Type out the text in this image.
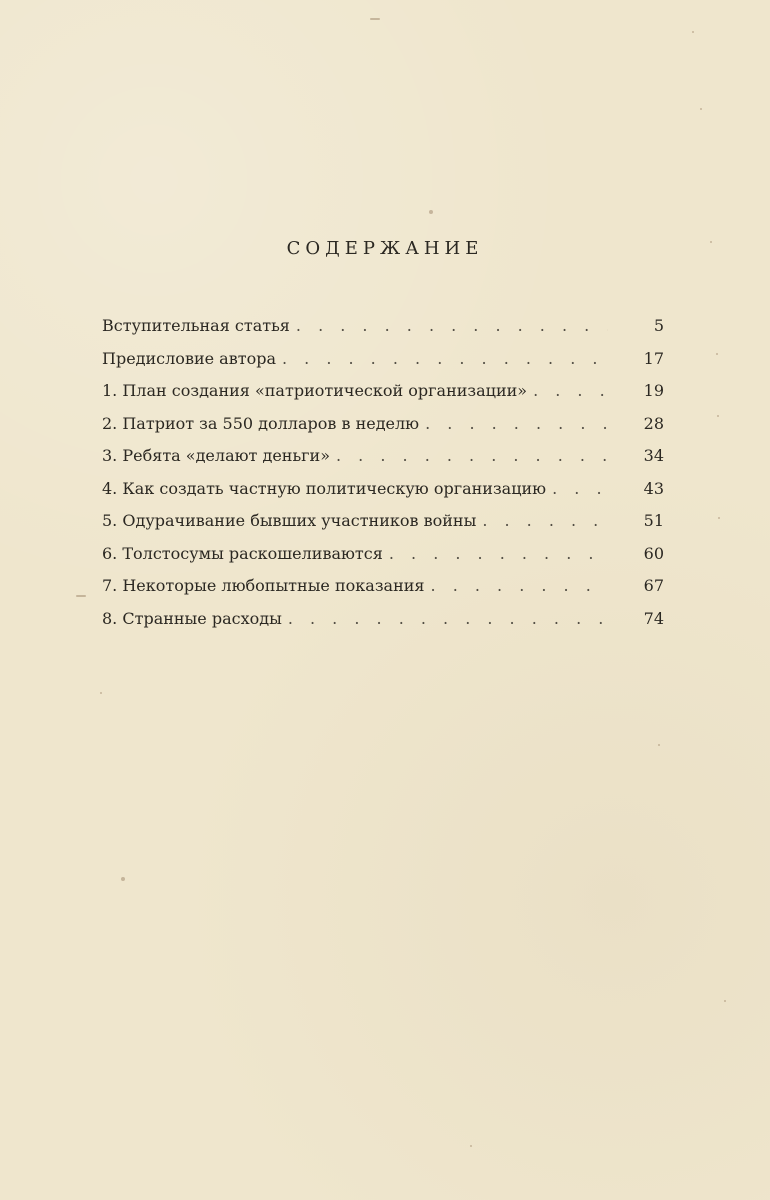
СОДЕРЖАНИЕ
Вступительная статья . . .	5
Предисловие автора . . .	17
1. План создания «патриотической организации» . . .	19
2. Патриот за 550 долларов в неделю . . .	28
3. Ребята «делают деньги» . . .	34
4. Как создать частную политическую организацию . . .	43
5. Одурачивание бывших участников войны . . .	51
6. Толстосумы раскошеливаются . . .	60
7. Некоторые любопытные показания . . .	67
8. Странные расходы . . .	74
